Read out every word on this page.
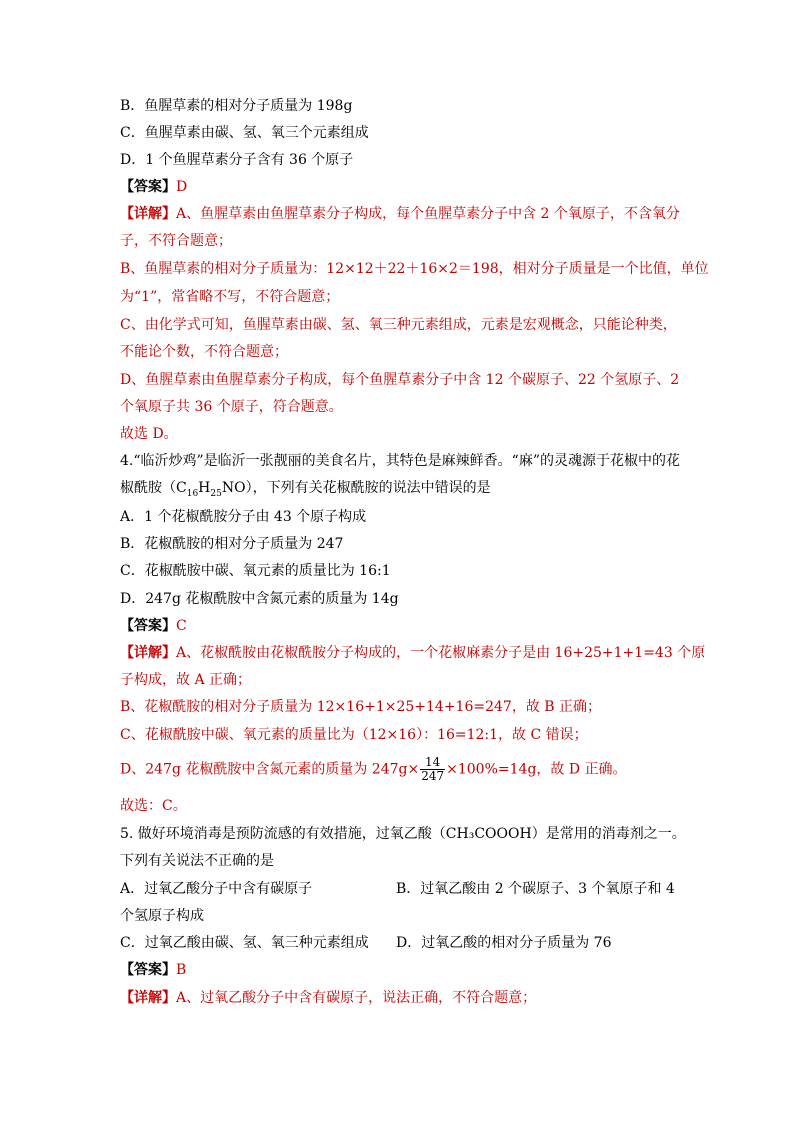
B．鱼腥草素的相对分子质量为 198g
C．鱼腥草素由碳、氢、氧三个元素组成
D．1 个鱼腥草素分子含有 36 个原子
【答案】D
【详解】A、鱼腥草素由鱼腥草素分子构成，每个鱼腥草素分子中含 2 个氧原子，不含氧分
子，不符合题意；
B、鱼腥草素的相对分子质量为：12×12＋22＋16×2＝198，相对分子质量是一个比值，单位
为“1”，常省略不写，不符合题意；
C、由化学式可知，鱼腥草素由碳、氢、氧三种元素组成，元素是宏观概念，只能论种类，
不能论个数，不符合题意；
D、鱼腥草素由鱼腥草素分子构成，每个鱼腥草素分子中含 12 个碳原子、22 个氢原子、2
个氧原子共 36 个原子，符合题意。
故选 D。
4.“临沂炒鸡”是临沂一张靓丽的美食名片，其特色是麻辣鲜香。“麻”的灵魂源于花椒中的花
椒酰胺$(C_{16}H_{25}NO)$，下列有关花椒酰胺的说法中错误的是
A．1 个花椒酰胺分子由 43 个原子构成
B．花椒酰胺的相对分子质量为 247
C．花椒酰胺中碳、氧元素的质量比为 16:1
D．247g 花椒酰胺中含氮元素的质量为 14g
【答案】C
【详解】A、花椒酰胺由花椒酰胺分子构成的，一个花椒麻素分子是由 16+25+1+1=43 个原
子构成，故 A 正确；
B、花椒酰胺的相对分子质量为 12×16+1×25+14+16=247，故 B 正确；
C、花椒酰胺中碳、氧元素的质量比为（12×16）：16=12:1，故 C 错误；
D、247g 花椒酰胺中含氮元素的质量为 $247g\times \frac{14}{247} \times 100\%=14g$，故 D 正确。
故选：C。
5. 做好环境消毒是预防流感的有效措施，过氧乙酸（CH₃COOOH）是常用的消毒剂之一。
下列有关说法不正确的是
A．过氧乙酸分子中含有碳原子	B．过氧乙酸由 2 个碳原子、3 个氧原子和 4
个氢原子构成
C．过氧乙酸由碳、氢、氧三种元素组成 D．过氧乙酸的相对分子质量为 76
【答案】B
【详解】A、过氧乙酸分子中含有碳原子，说法正确，不符合题意；
